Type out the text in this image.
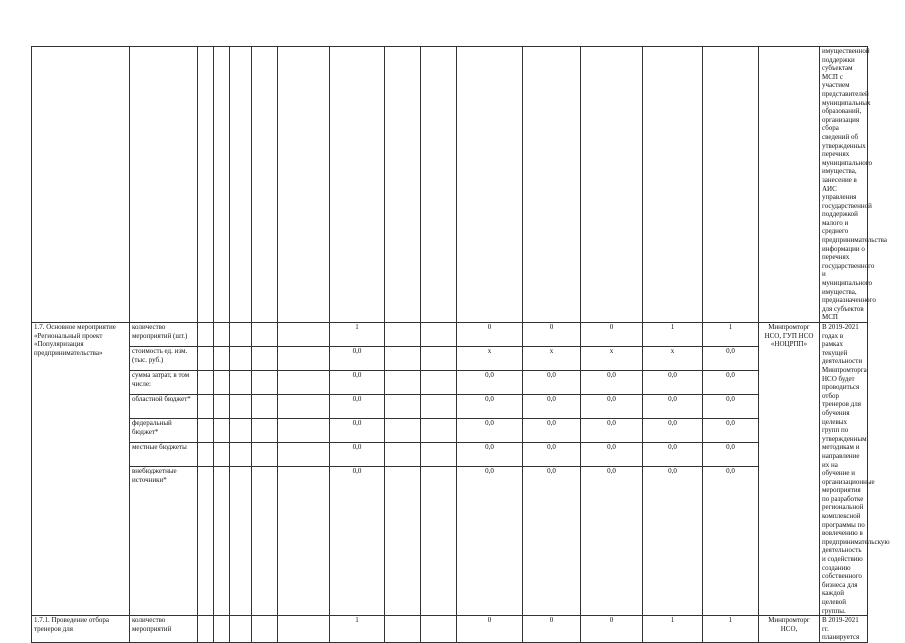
																имущественной поддержки субъектам МСП с участием представителей муниципальных образований, организация сбора сведений об утвержденных перечнях муниципального имущества, занесение в АИС управления государственной поддержкой малого и среднего предпринимательства информации о перечнях государственного и муниципального имущества, предназначенного для субъектов МСП
1.7. Основное мероприятие «Региональный проект «Популяризация предпринимательства»	количество мероприятий (шт.)						1			0	0	0	1	1	Минпромторг НСО, ГУП НСО «НОЦРПП»	В 2019-2021 годах в рамках текущей деятельности Минпромторга НСО будет проводиться отбор тренеров для обучения целевых групп по утвержденным методикам и направление их на обучение и организационные мероприятия по разработке региональной комплексной программы по вовлечению в предпринимательскую деятельность и содействию созданию собственного бизнеса для каждой целевой группы.
	стоимость ед. изм. (тыс. руб.)						0,0			х	х	х	х	0,0		
	сумма затрат, в том числе:						0,0			0,0	0,0	0,0	0,0	0,0		
	областной бюджет*						0,0			0,0	0,0	0,0	0,0	0,0		
	федеральный бюджет*						0,0			0,0	0,0	0,0	0,0	0,0		
	местные бюджеты						0,0			0,0	0,0	0,0	0,0	0,0		
	внебюджетные источники*						0,0			0,0	0,0	0,0	0,0	0,0		
1.7.1. Проведение отбора тренеров для	количество мероприятий						1			0	0	0	1	1	Минпромторг НСО,	В 2019-2021 гг. планируется
